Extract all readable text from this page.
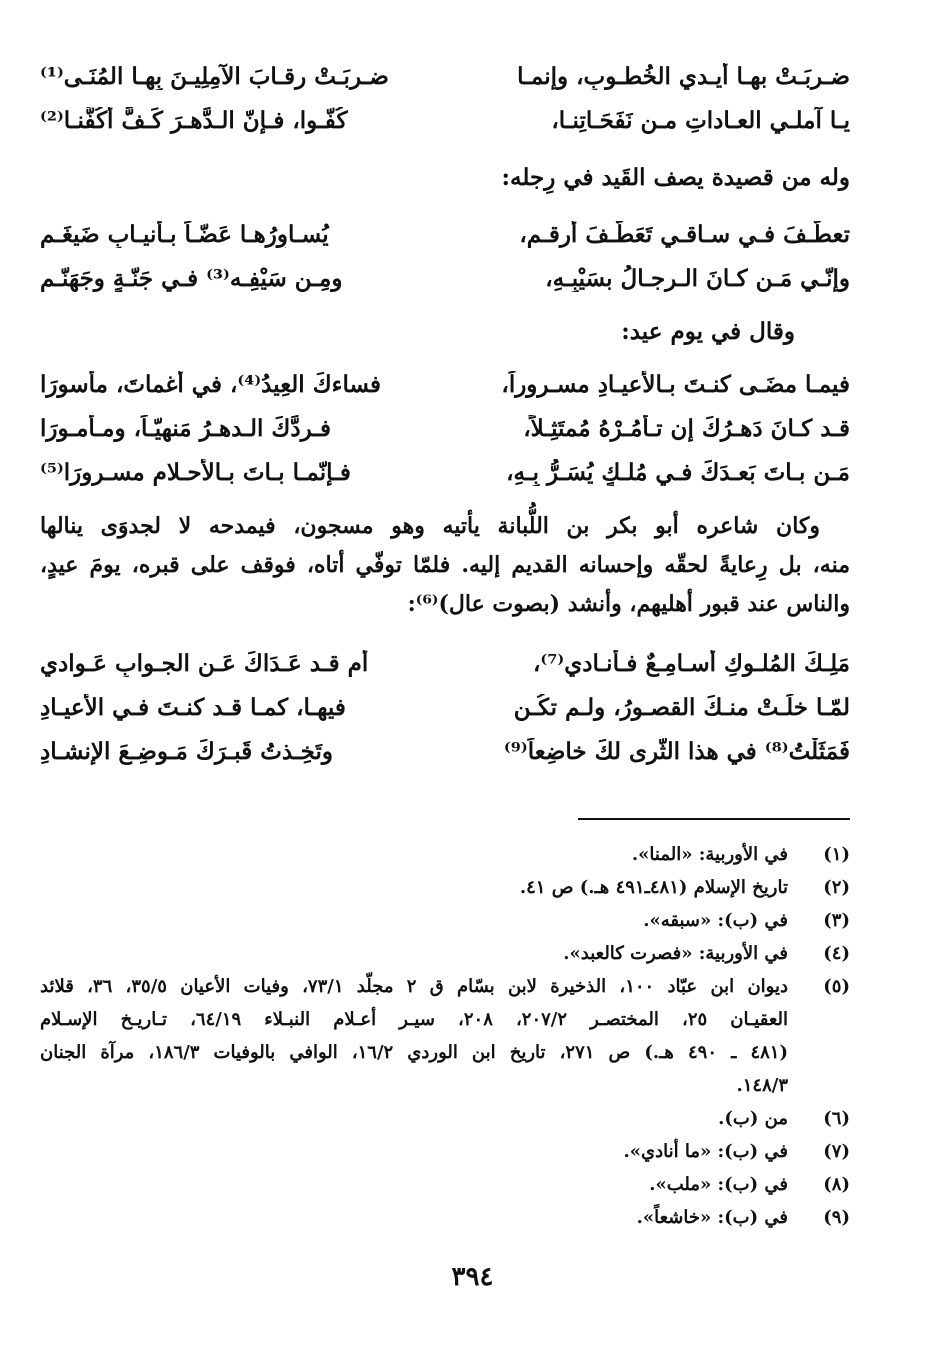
ضـربَـتْ بهـا أيـدي الخُطـوبِ، وإنمـا
ضـربَـتْ رقـابَ الآمِلِيـنَ بِهـا المُنَـى⁽¹⁾
يـا آملـي العـاداتِ مـن نَفَحَـاتِنـا،
كُفّـوا، فـإنّ الـدَّهـرَ كَـفَّ أكُفَّنـا⁽²⁾
وله من قصيدة يصف القَيد في رِجله:
تعطّـفَ فـي سـاقـي تَعَطُّـفَ أرقـمِ،
يُسـاوِرُهـا عَضّـاً بـأنيـابِ ضَيغَـمِ
وإنّـي مَـن كـانَ الـرجـالُ بسَيْبِـهِ،
ومِـن سَيْفِـه⁽³⁾ فـي جَنّـةٍ وجَهَنّـمِ
وقال في يوم عيد:
فيمـا مضَـى كنـتَ بـالأعيـادِ مسـروراً،
فساءكَ العِيدُ⁽⁴⁾، في أغماتَ، مأسورَا
قـد كـانَ دَهـرُكَ إن تـأمُـرْهُ مُمتَثِـلاً،
فـردَّكَ الـدهـرُ مَنهِيّـاً، ومـأمـورَا
مَـن بـاتَ بَعـدَكَ فـي مُلـكٍ يُسَـرُّ بِـهِ،
فـإنّمـا بـاتَ بـالأحـلامِ مسـرورَا⁽⁵⁾
وكان شاعره أبو بكر بن اللُّبانة يأتيه وهو مسجون، فيمدحه لا لجدوَى ينالها
منه، بل رِعايةً لحقّه وإحسانه القديم إليه. فلمّا توفّي أتاه، فوقف على قبره، يومَ عيدٍ،
والناس عند قبور أهليهم، وأنشد (بصوت عال)⁽⁶⁾:
مَلِـكَ المُلـوكِ أسـامِـعٌ فـأُنـادي⁽⁷⁾،
أم قـد عَـدَاكَ عَـنِ الجـوابِ عَـوادي
لمّـا خلَـتْ منـكَ القصـورُ، ولـم تكُـن
فيهـا، كمـا قـد كنـتَ فـي الأعيـادِ
فَمَثَلْتُ⁽⁸⁾ في هذا الثّرى لكَ خاضِعاً⁽⁹⁾
وتَخِـذتُ قَبـرَكَ مَـوضِـعَ الإنشـادِ
(١)
في الأوربية: «المنا».
(٢)
تاريخ الإسلام (٤٨١ـ٤٩١ هـ.) ص ٤١.
(٣)
في (ب): «سبقه».
(٤)
في الأوربية: «فصرت كالعبد».
(٥)
ديوان ابن عبّاد ١٠٠، الذخيرة لابن بسّام ق ٢ مجلّد ٧٣/١، وفيات الأعيان ٣٥/٥، ٣٦، قلائد
العقيـان ٢٥، المختصـر ٢٠٧/٢، ٢٠٨، سيـر أعـلام النبـلاء ٦٤/١٩، تـاريـخ الإسـلام
(٤٨١ ـ ٤٩٠ هـ.) ص ٢٧١، تاريخ ابن الوردي ١٦/٢، الوافي بالوفيات ١٨٦/٣، مرآة الجنان
١٤٨/٣.
(٦)
من (ب).
(٧)
في (ب): «ما أنادي».
(٨)
في (ب): «ملب».
(٩)
في (ب): «خاشعاً».
٣٩٤
